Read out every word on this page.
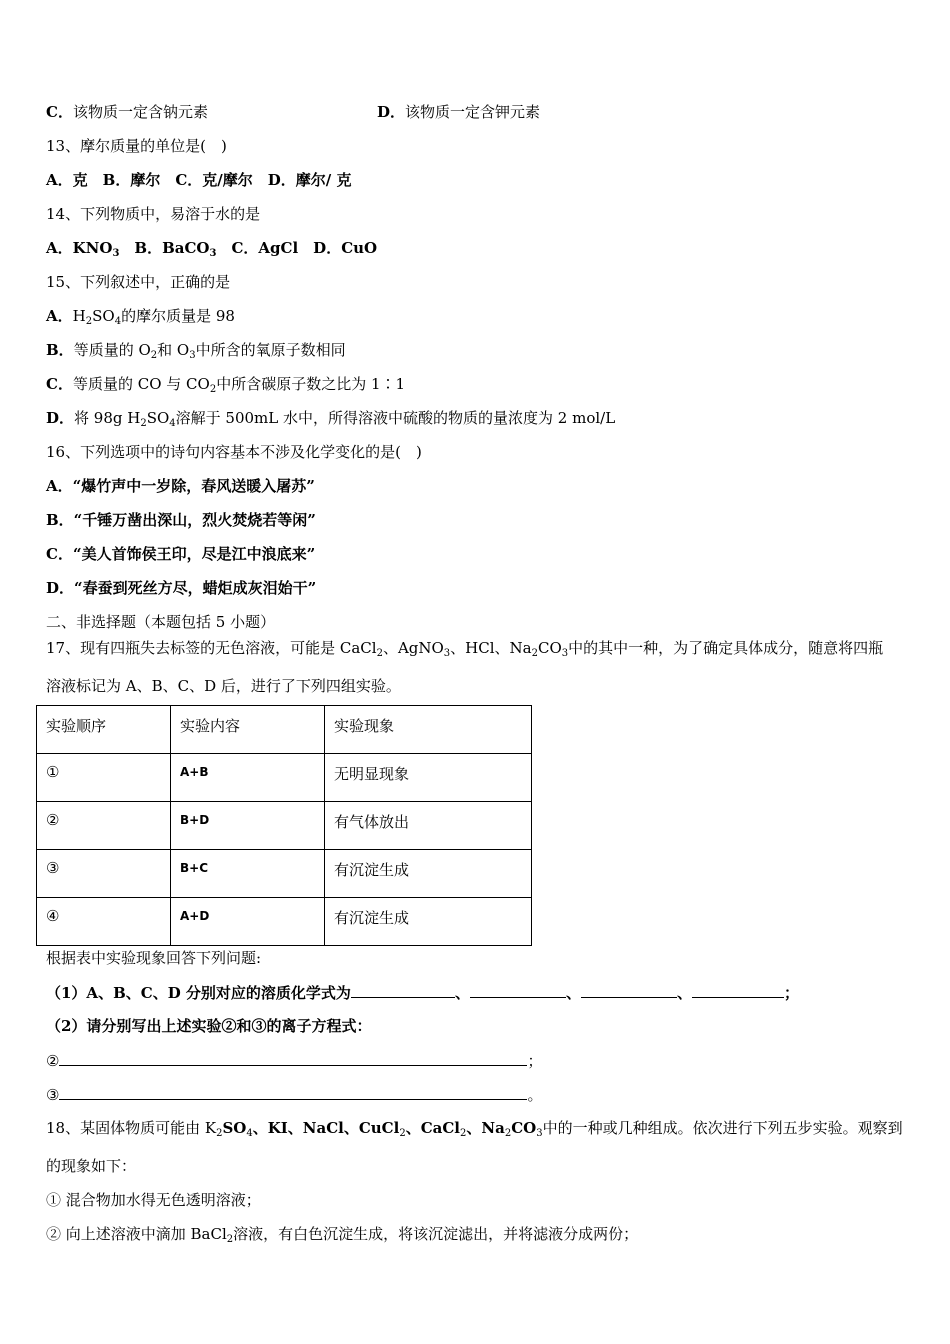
C．该物质一定含钠元素	D．该物质一定含钾元素
13、摩尔质量的单位是(　)
A．克　B．摩尔　C．克/摩尔　D．摩尔/ 克
14、下列物质中，易溶于水的是
A．$KNO_3$　B．BaCO$_3$　C．AgCl　D．CuO
15、下列叙述中，正确的是
A．$H_2SO_4$的摩尔质量是 98
B．等质量的 $O_2$和 $O_3$中所含的氧原子数相同
C．等质量的 CO 与 $CO_2$中所含碳原子数之比为 1∶1
D．将 98g $H_2SO_4$溶解于 500mL 水中，所得溶液中硫酸的物质的量浓度为 2 mol/L
16、下列选项中的诗句内容基本不涉及化学变化的是(　)
A．“爆竹声中一岁除，春风送暖入屠苏”
B．“千锤万凿出深山，烈火焚烧若等闲”
C．“美人首饰侯王印，尽是江中浪底来”
D．“春蚕到死丝方尽，蜡炬成灰泪始干”
二、非选择题（本题包括 5 小题）
17、现有四瓶失去标签的无色溶液，可能是 CaCl$_2$、AgNO$_3$、HCl、$Na_2CO_3$中的其中一种，为了确定具体成分，随意将四瓶
溶液标记为 A、B、C、D 后，进行了下列四组实验。
实验顺序	实验内容	实验现象
①	A+B	无明显现象
②	B+D	有气体放出
③	B+C	有沉淀生成
④	A+D	有沉淀生成
根据表中实验现象回答下列问题:
（1）A、B、C、D 分别对应的溶质化学式为	、	、	、	；
（2）请分别写出上述实验②和③的离子方程式：
②	；
③	。
18、某固体物质可能由 $K_2SO_4$、KI、NaCl、CuCl$_2$、CaCl$_2$、$Na_2CO_3$中的一种或几种组成。依次进行下列五步实验。观察到
的现象如下：
① 混合物加水得无色透明溶液；
② 向上述溶液中滴加 BaCl$_2$溶液，有白色沉淀生成，将该沉淀滤出，并将滤液分成两份；
